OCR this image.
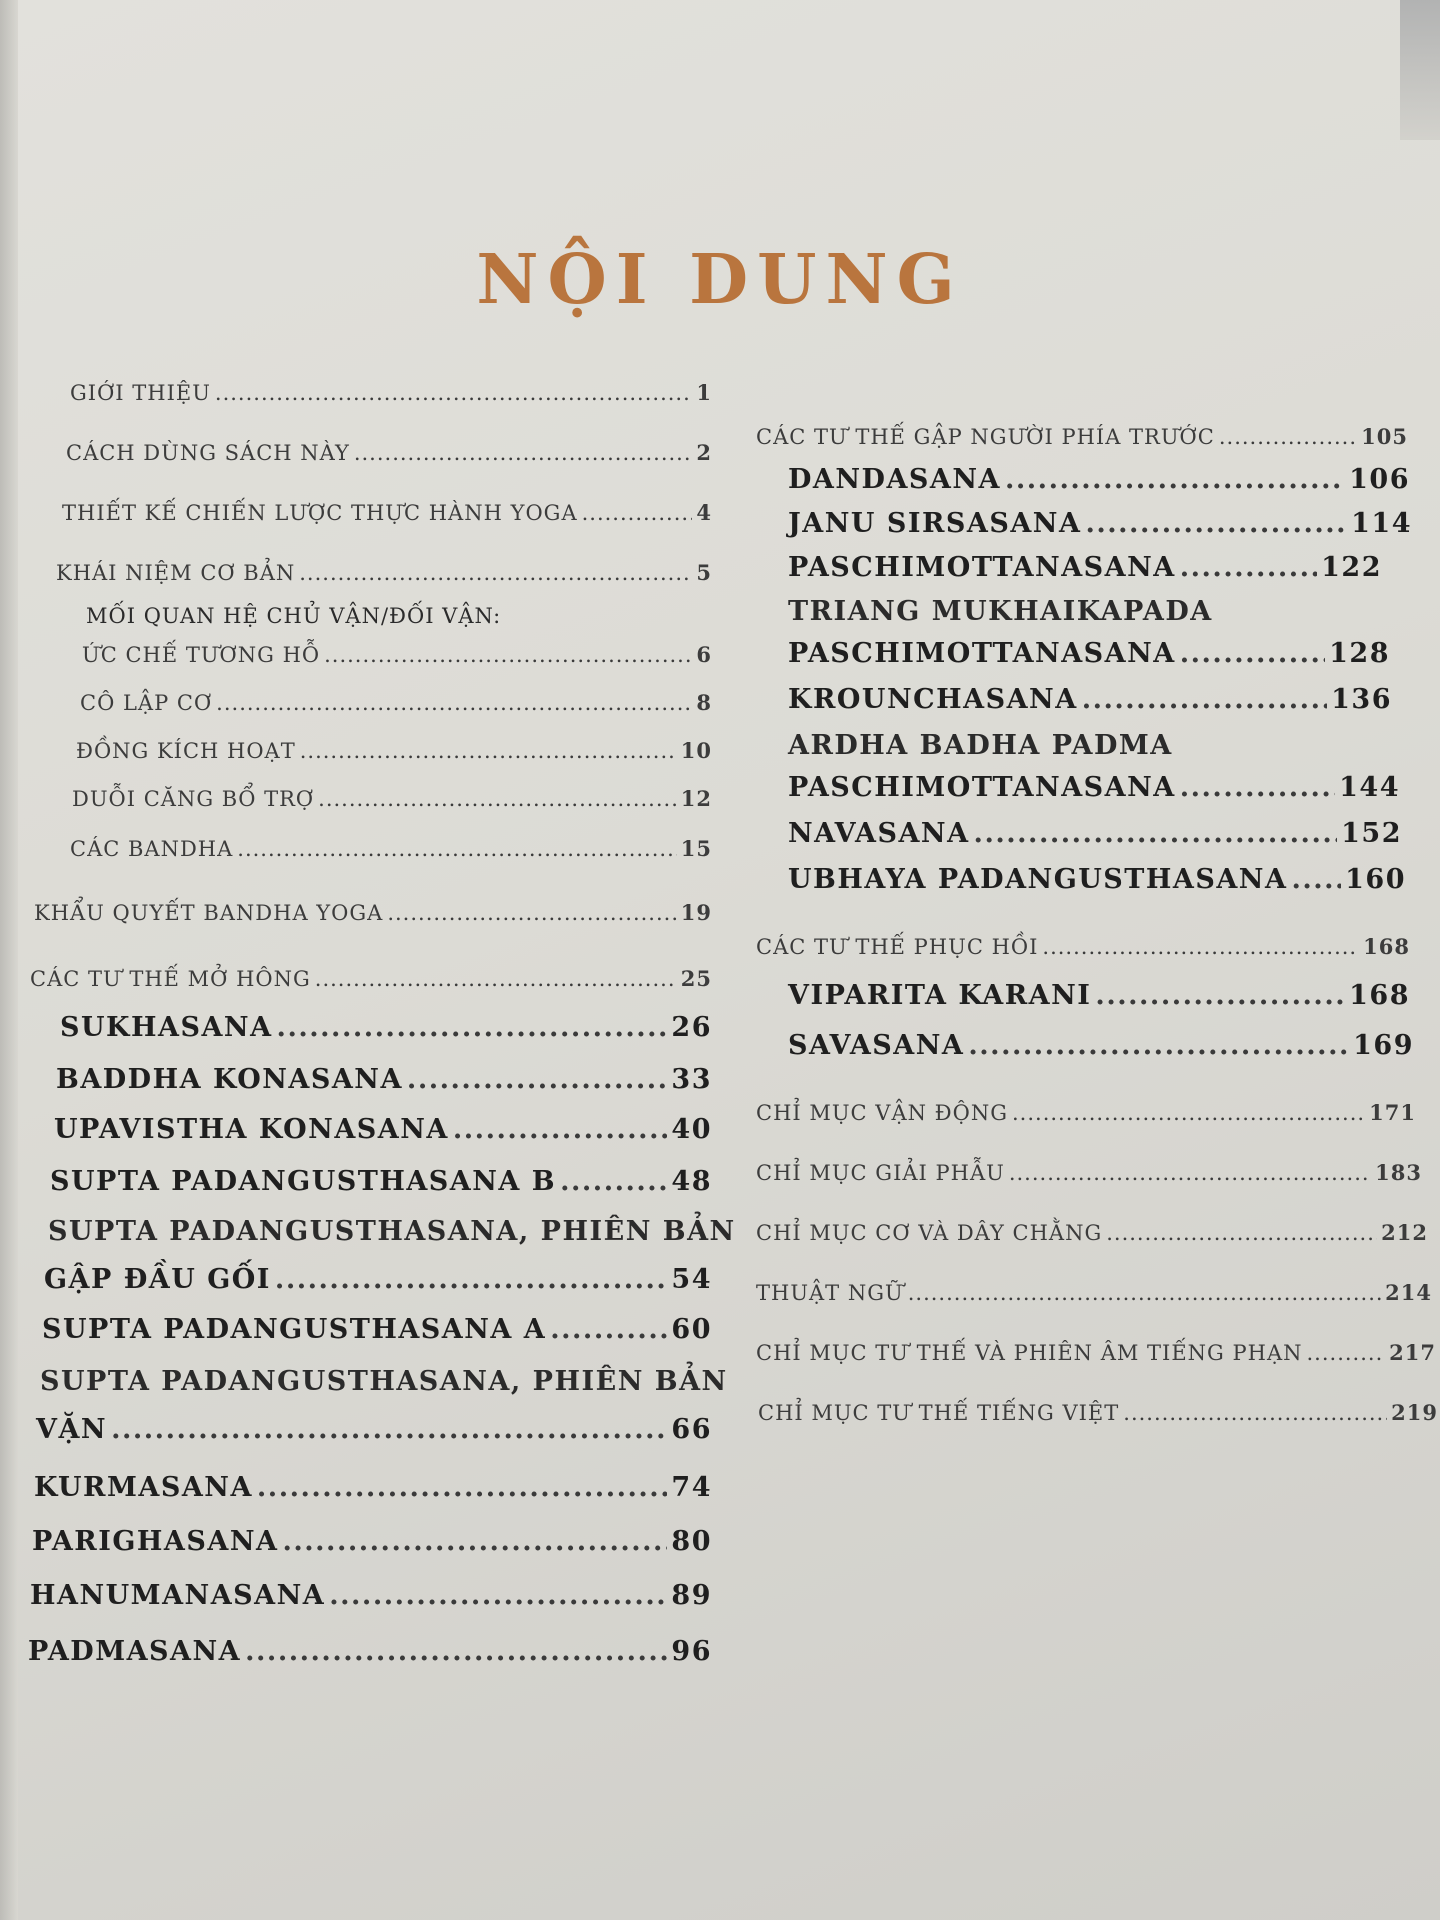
NỘI DUNG
GIỚI THIỆU .....	1
CÁCH DÙNG SÁCH NÀY .....	2
THIẾT KẾ CHIẾN LƯỢC THỰC HÀNH YOGA .....	4
KHÁI NIỆM CƠ BẢN .....	5
MỐI QUAN HỆ CHỦ VẬN/ĐỐI VẬN:
ỨC CHẾ TƯƠNG HỖ .....	6
CÔ LẬP CƠ .....	8
ĐỒNG KÍCH HOẠT .....	10
DUỖI CĂNG BỔ TRỢ .....	12
CÁC BANDHA .....	15
KHẨU QUYẾT BANDHA YOGA .....	19
CÁC TƯ THẾ MỞ HÔNG .....	25
SUKHASANA .....	26
BADDHA KONASANA .....	33
UPAVISTHA KONASANA .....	40
SUPTA PADANGUSTHASANA B .....	48
SUPTA PADANGUSTHASANA, PHIÊN BẢN
GẬP ĐẦU GỐI .....	54
SUPTA PADANGUSTHASANA A .....	60
SUPTA PADANGUSTHASANA, PHIÊN BẢN
VẶN .....	66
KURMASANA .....	74
PARIGHASANA .....	80
HANUMANASANA .....	89
PADMASANA .....	96
CÁC TƯ THẾ GẬP NGƯỜI PHÍA TRƯỚC .....	105
DANDASANA .....	106
JANU SIRSASANA .....	114
PASCHIMOTTANASANA .....	122
TRIANG MUKHAIKAPADA
PASCHIMOTTANASANA .....	128
KROUNCHASANA .....	136
ARDHA BADHA PADMA
PASCHIMOTTANASANA .....	144
NAVASANA .....	152
UBHAYA PADANGUSTHASANA ..... 160
CÁC TƯ THẾ PHỤC HỒI .....	168
VIPARITA KARANI .....	168
SAVASANA .....	169
CHỈ MỤC VẬN ĐỘNG .....	171
CHỈ MỤC GIẢI PHẪU .....	183
CHỈ MỤC CƠ VÀ DÂY CHẰNG .....	212
THUẬT NGỮ .....	214
CHỈ MỤC TƯ THẾ VÀ PHIÊN ÂM TIẾNG PHẠN .....	217
CHỈ MỤC TƯ THẾ TIẾNG VIỆT .....	219
